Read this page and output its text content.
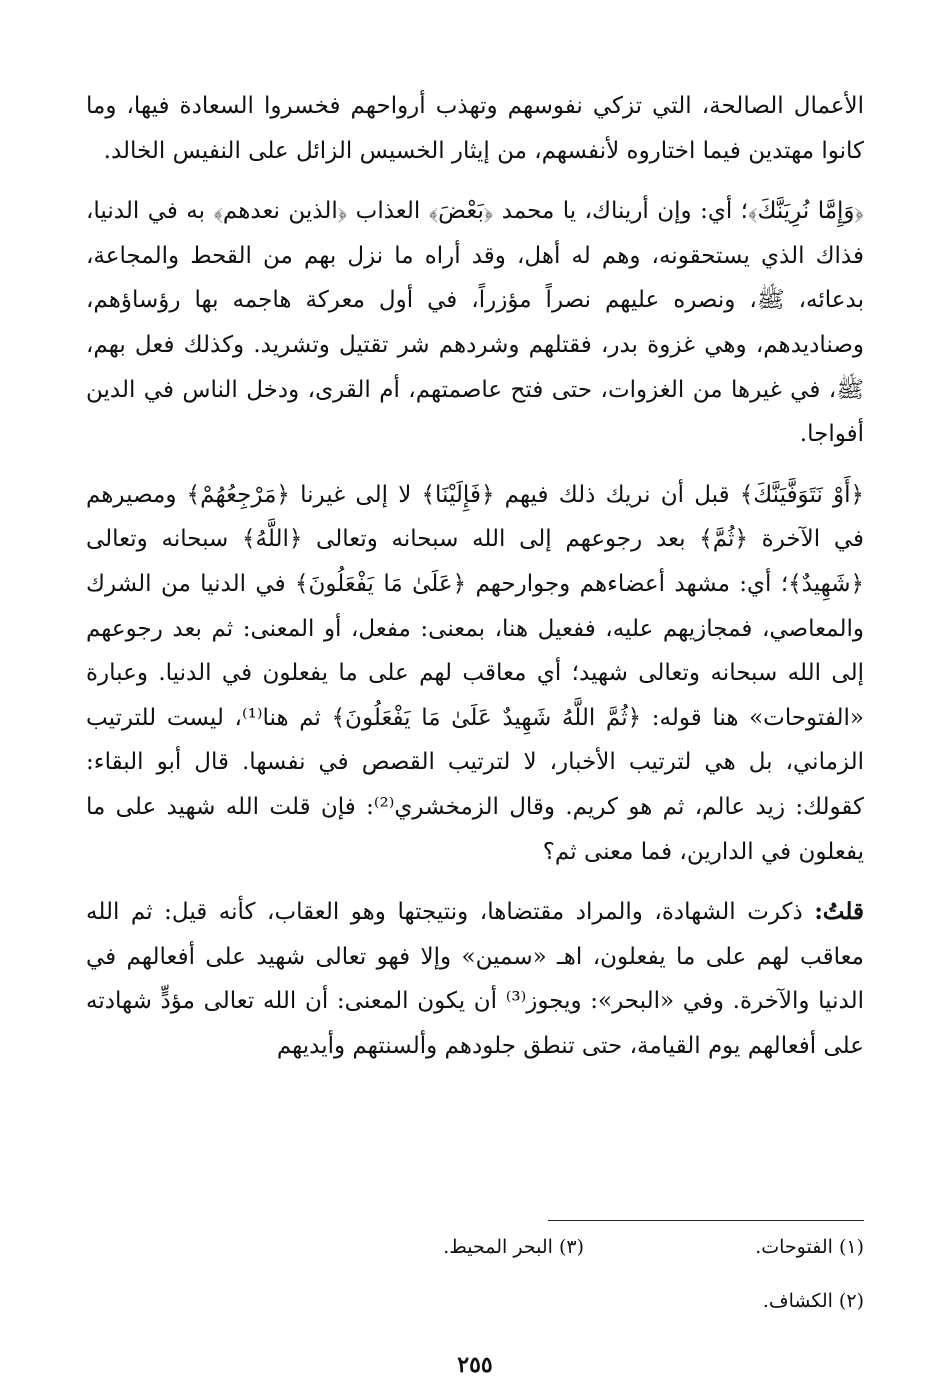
الأعمال الصالحة، التي تزكي نفوسهم وتهذب أرواحهم فخسروا السعادة فيها، وما كانوا مهتدين فيما اختاروه لأنفسهم، من إيثار الخسيس الزائل على النفيس الخالد.

﴿وَإِمَّا نُرِيَنَّكَ﴾؛ أي: وإن أريناك، يا محمد ﴿بَعْضَ﴾ العذاب ﴿الذين نعدهم﴾ به في الدنيا، فذاك الذي يستحقونه، وهم له أهل، وقد أراه ما نزل بهم من القحط والمجاعة، بدعائه، ﷺ، ونصره عليهم نصراً مؤزراً، في أول معركة هاجمه بها رؤساؤهم، وصناديدهم، وهي غزوة بدر، فقتلهم وشردهم شر تقتيل وتشريد. وكذلك فعل بهم، ﷺ، في غيرها من الغزوات، حتى فتح عاصمتهم، أم القرى، ودخل الناس في الدين أفواجا.

﴿أَوْ نَتَوَفَّيَنَّكَ﴾ قبل أن نريك ذلك فيهم ﴿فَإِلَيْنَا﴾ لا إلى غيرنا ﴿مَرْجِعُهُمْ﴾ ومصيرهم في الآخرة ﴿ثُمَّ﴾ بعد رجوعهم إلى الله سبحانه وتعالى ﴿اللَّهُ﴾ سبحانه وتعالى ﴿شَهِيدٌ﴾؛ أي: مشهد أعضاءهم وجوارحهم ﴿عَلَىٰ مَا يَفْعَلُونَ﴾ في الدنيا من الشرك والمعاصي، فمجازيهم عليه، ففعيل هنا، بمعنى: مفعل، أو المعنى: ثم بعد رجوعهم إلى الله سبحانه وتعالى شهيد؛ أي معاقب لهم على ما يفعلون في الدنيا. وعبارة «الفتوحات» هنا قوله: ﴿ثُمَّ اللَّهُ شَهِيدٌ عَلَىٰ مَا يَفْعَلُونَ﴾ ثم هنا⁽¹⁾، ليست للترتيب الزماني، بل هي لترتيب الأخبار، لا لترتيب القصص في نفسها. قال أبو البقاء: كقولك: زيد عالم، ثم هو كريم. وقال الزمخشري⁽²⁾: فإن قلت الله شهيد على ما يفعلون في الدارين، فما معنى ثم؟

قلتُ: ذكرت الشهادة، والمراد مقتضاها، ونتيجتها وهو العقاب، كأنه قيل: ثم الله معاقب لهم على ما يفعلون، اهـ «سمين» وإلا فهو تعالى شهيد على أفعالهم في الدنيا والآخرة. وفي «البحر»: ويجوز⁽³⁾ أن يكون المعنى: أن الله تعالى مؤدٍّ شهادته على أفعالهم يوم القيامة، حتى تنطق جلودهم وألسنتهم وأيديهم

(١) الفتوحات.
(٣) البحر المحيط.
(٢) الكشاف.
٢٥٥
